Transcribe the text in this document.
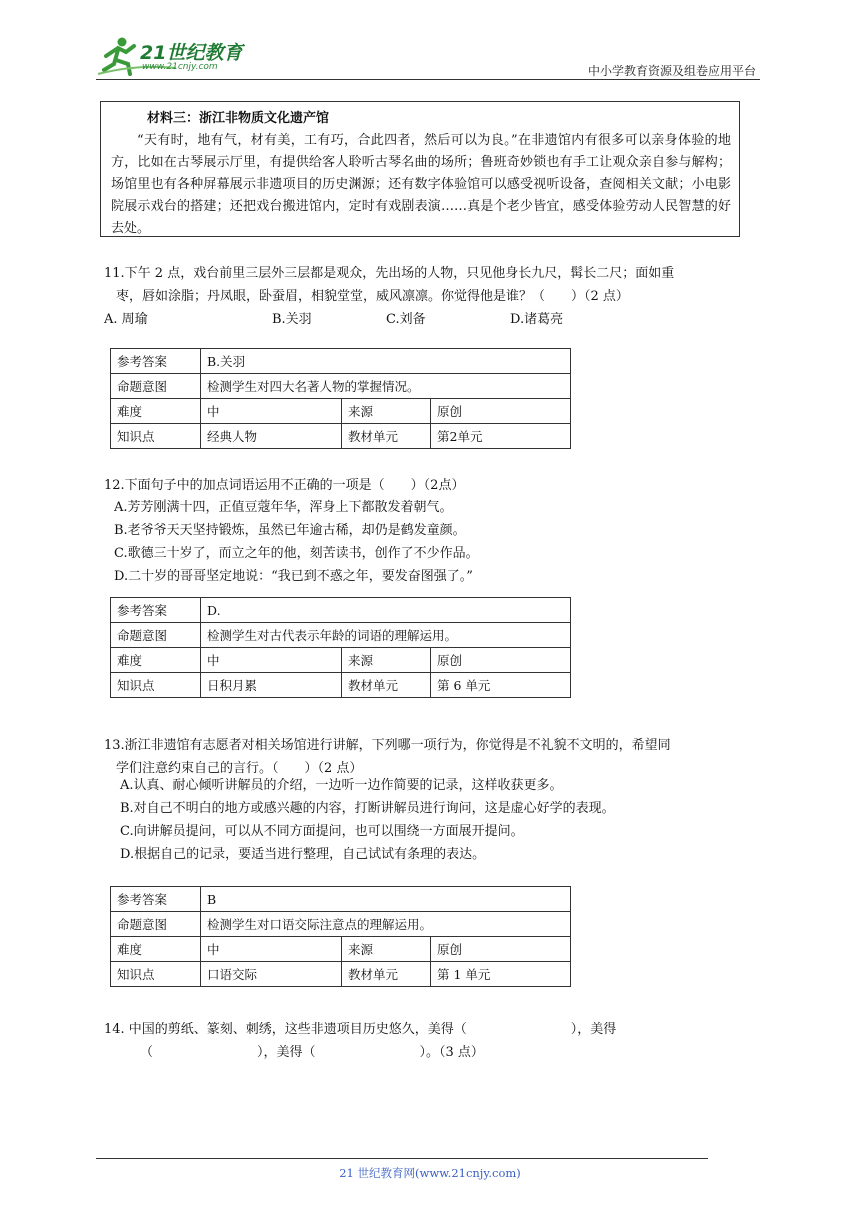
21世纪教育
www.21cnjy.com	中小学教育资源及组卷应用平台
材料三：浙江非物质文化遗产馆
“天有时，地有气，材有美，工有巧，合此四者，然后可以为良。”在非遗馆内有很多可以亲身体验的地方，比如在古琴展示厅里，有提供给客人聆听古琴名曲的场所；鲁班奇妙锁也有手工让观众亲自参与解构；场馆里也有各种屏幕展示非遗项目的历史渊源；还有数字体验馆可以感受视听设备，查阅相关文献；小电影院展示戏台的搭建；还把戏台搬进馆内，定时有戏剧表演……真是个老少皆宜，感受体验劳动人民智慧的好去处。
11.下午 2 点，戏台前里三层外三层都是观众，先出场的人物，只见他身长九尺，髯长二尺；面如重
枣，唇如涂脂；丹凤眼，卧蚕眉，相貌堂堂，威风凛凛。你觉得他是谁？（　　）（2 点）
A. 周瑜	B.关羽	C.刘备	D.诸葛亮
参考答案	B.关羽		
命题意图	检测学生对四大名著人物的掌握情况。		
难度	中	来源	原创
知识点	经典人物	教材单元	第2单元
12.下面句子中的加点词语运用不正确的一项是（　　）（2点）
A.芳芳刚满十四，正值豆蔻年华，浑身上下都散发着朝气。
B.老爷爷天天坚持锻炼，虽然已年逾古稀，却仍是鹤发童颜。
C.歌德三十岁了，而立之年的他，刻苦读书，创作了不少作品。
D.二十岁的哥哥坚定地说：“我已到不惑之年，要发奋图强了。”
参考答案	D.		
命题意图	检测学生对古代表示年龄的词语的理解运用。		
难度	中	来源	原创
知识点	日积月累	教材单元	第 6 单元
13.浙江非遗馆有志愿者对相关场馆进行讲解，下列哪一项行为，你觉得是不礼貌不文明的，希望同
学们注意约束自己的言行。（　　）（2 点）
A.认真、耐心倾听讲解员的介绍，一边听一边作简要的记录，这样收获更多。
B.对自己不明白的地方或感兴趣的内容，打断讲解员进行询问，这是虚心好学的表现。
C.向讲解员提问，可以从不同方面提问，也可以围绕一方面展开提问。
D.根据自己的记录，要适当进行整理，自己试试有条理的表达。
参考答案	B		
命题意图	检测学生对口语交际注意点的理解运用。		
难度	中	来源	原创
知识点	口语交际	教材单元	第 1 单元
14. 中国的剪纸、篆刻、刺绣，这些非遗项目历史悠久，美得（　　　　　　　　），美得
（　　　　　　　　），美得（　　　　　　　　）。（3 点）
21 世纪教育网(www.21cnjy.com)
